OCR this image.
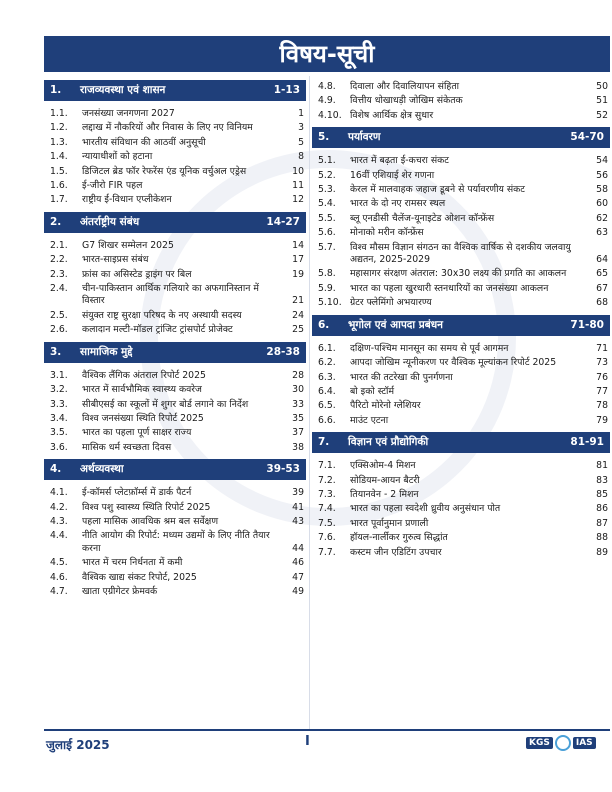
विषय-सूची
1.	राजव्यवस्था एवं शासन	1-13
1.1.	जनसंख्या जनगणना 2027	1
1.2.	लद्दाख में नौकरियों और निवास के लिए नए विनियम	3
1.3.	भारतीय संविधान की आठवीं अनुसूची	5
1.4.	न्यायाधीशों को हटाना	8
1.5.	डिजिटल ब्रेड फॉर रेफरेंस एंड यूनिक वर्चुअल एड्रेस	10
1.6.	ई-जीरो FIR पहल	11
1.7.	राष्ट्रीय ई-विधान एप्लीकेशन	12
2.	अंतर्राष्ट्रीय संबंध	14-27
2.1.	G7 शिखर सम्मेलन 2025	14
2.2.	भारत-साइप्रस संबंध	17
2.3.	फ्रांस का असिस्टेड ड्राइंग पर बिल	19
2.4.	चीन-पाकिस्तान आर्थिक गलियारे का अफगानिस्तान में विस्तार	21
2.5.	संयुक्त राष्ट्र सुरक्षा परिषद के नए अस्थायी सदस्य	24
2.6.	कलादान मल्टी-मॉडल ट्रांजिट ट्रांसपोर्ट प्रोजेक्ट	25
3.	सामाजिक मुद्दे	28-38
3.1.	वैश्विक लैंगिक अंतराल रिपोर्ट 2025	28
3.2.	भारत में सार्वभौमिक स्वास्थ्य कवरेज	30
3.3.	सीबीएसई का स्कूलों में शुगर बोर्ड लगाने का निर्देश	33
3.4.	विश्व जनसंख्या स्थिति रिपोर्ट 2025	35
3.5.	भारत का पहला पूर्ण साक्षर राज्य	37
3.6.	मासिक धर्म स्वच्छता दिवस	38
4.	अर्थव्यवस्था	39-53
4.1.	ई-कॉमर्स प्लेटफ़ॉर्म्स में डार्क पैटर्न	39
4.2.	विश्व पशु स्वास्थ्य स्थिति रिपोर्ट 2025	41
4.3.	पहला मासिक आवधिक श्रम बल सर्वेक्षण	43
4.4.	नीति आयोग की रिपोर्ट: मध्यम उद्यमों के लिए नीति तैयार करना	44
4.5.	भारत में चरम निर्धनता में कमी	46
4.6.	वैश्विक खाद्य संकट रिपोर्ट, 2025	47
4.7.	खाता एग्रीगेटर फ्रेमवर्क	49
4.8.	दिवाला और दिवालियापन संहिता	50
4.9.	वित्तीय धोखाधड़ी जोखिम संकेतक	51
4.10. विशेष आर्थिक क्षेत्र सुधार	52
5.	पर्यावरण	54-70
5.1.	भारत में बढ़ता ई-कचरा संकट	54
5.2.	16वीं एशियाई शेर गणना	56
5.3.	केरल में मालवाहक जहाज डूबने से पर्यावरणीय संकट	58
5.4.	भारत के दो नए रामसर स्थल	60
5.5.	ब्लू एनडीसी चैलेंज-यूनाइटेड ओशन कॉन्फ्रेंस	62
5.6.	मोनाको मरीन कॉन्फ्रेंस	63
5.7.	विश्व मौसम विज्ञान संगठन का वैश्विक वार्षिक से दशकीय जलवायु अद्यतन, 2025-2029	64
5.8.	महासागर संरक्षण अंतराल: 30x30 लक्ष्य की प्रगति का आकलन	65
5.9.	भारत का पहला खुरधारी स्तनधारियों का जनसंख्या आकलन	67
5.10. ग्रेटर फ्लेमिंगो अभयारण्य	68
6.	भूगोल एवं आपदा प्रबंधन	71-80
6.1.	दक्षिण-पश्चिम मानसून का समय से पूर्व आगमन	71
6.2.	आपदा जोखिम न्यूनीकरण पर वैश्विक मूल्यांकन रिपोर्ट 2025	73
6.3.	भारत की तटरेखा की पुनर्गणना	76
6.4.	बो इको स्टॉर्म	77
6.5.	पैरिटो मोरेनो ग्लेशियर	78
6.6.	माउंट एटना	79
7.	विज्ञान एवं प्रौद्योगिकी	81-91
7.1.	एक्सिओम-4 मिशन	81
7.2.	सोडियम-आयन बैटरी	83
7.3.	तियानवेन - 2 मिशन	85
7.4.	भारत का पहला स्वदेशी ध्रुवीय अनुसंधान पोत	86
7.5.	भारत पूर्वानुमान प्रणाली	87
7.6.	हॉयल-नार्लीकर गुरुत्व सिद्धांत	88
7.7.	कस्टम जीन एडिटिंग उपचार	89
जुलाई 2025	I	KGS	IAS
